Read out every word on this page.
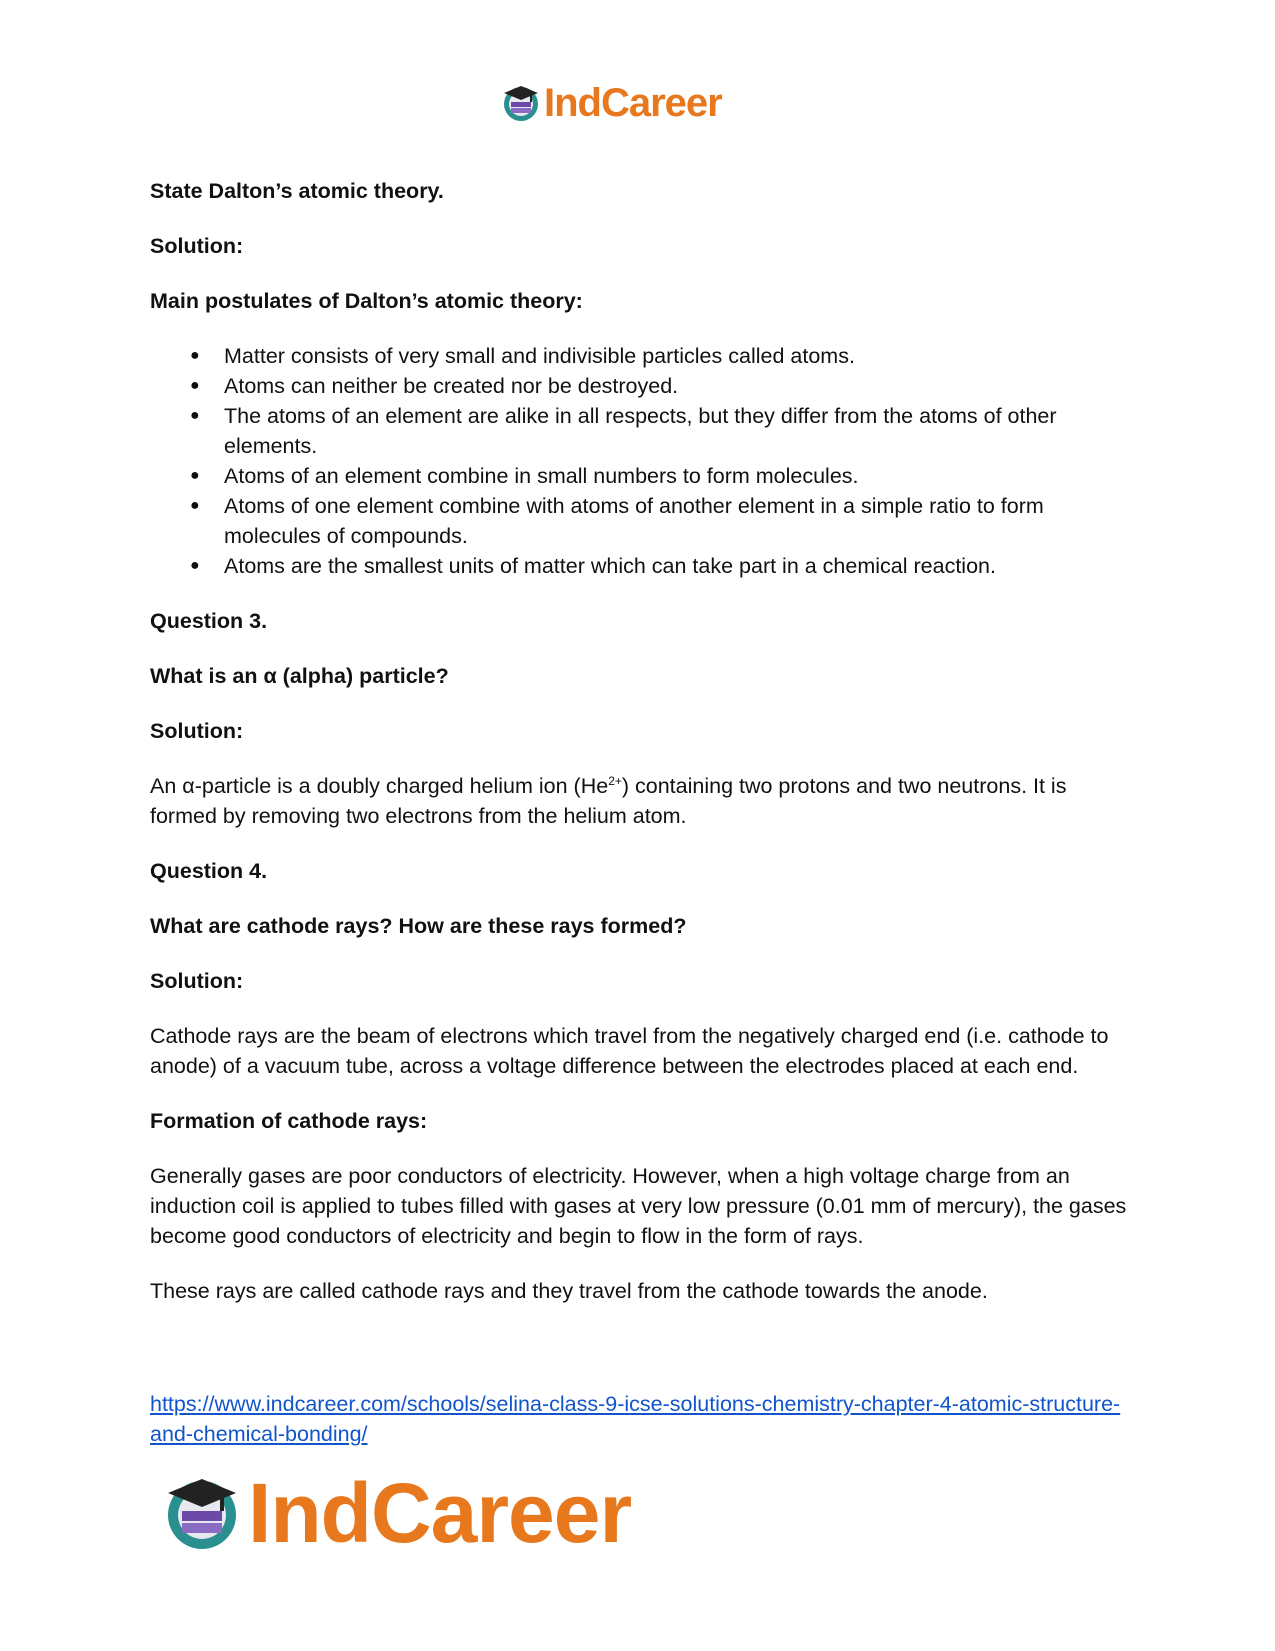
IndCareer

State Dalton’s atomic theory.

Solution:

Main postulates of Dalton’s atomic theory:

● Matter consists of very small and indivisible particles called atoms.
● Atoms can neither be created nor be destroyed.
● The atoms of an element are alike in all respects, but they differ from the atoms of other elements.
● Atoms of an element combine in small numbers to form molecules.
● Atoms of one element combine with atoms of another element in a simple ratio to form molecules of compounds.
● Atoms are the smallest units of matter which can take part in a chemical reaction.

Question 3.

What is an α (alpha) particle?

Solution:

An α-particle is a doubly charged helium ion $(He^{2+})$ containing two protons and two neutrons. It is formed by removing two electrons from the helium atom.

Question 4.

What are cathode rays? How are these rays formed?

Solution:

Cathode rays are the beam of electrons which travel from the negatively charged end (i.e. cathode to anode) of a vacuum tube, across a voltage difference between the electrodes placed at each end.

Formation of cathode rays:

Generally gases are poor conductors of electricity. However, when a high voltage charge from an induction coil is applied to tubes filled with gases at very low pressure (0.01 mm of mercury), the gases become good conductors of electricity and begin to flow in the form of rays.

These rays are called cathode rays and they travel from the cathode towards the anode.

https://www.indcareer.com/schools/selina-class-9-icse-solutions-chemistry-chapter-4-atomic-structure-and-chemical-bonding/
IndCareer
